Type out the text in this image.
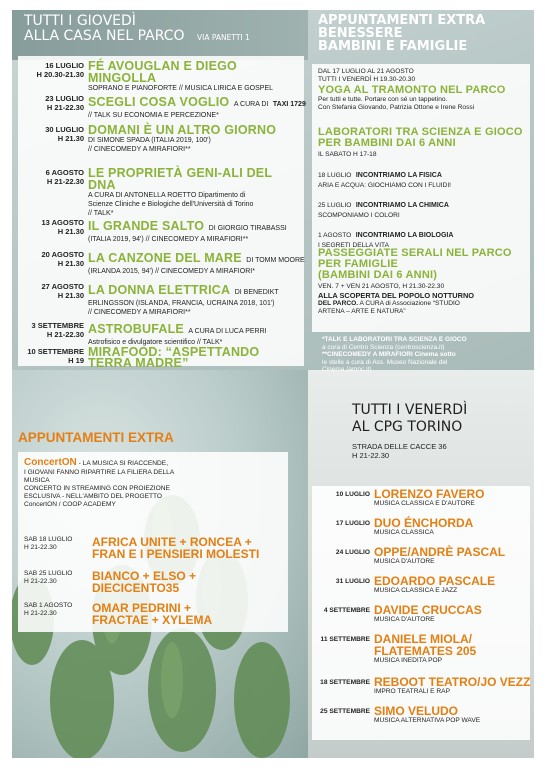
TUTTI I GIOVEDÌ
ALLA CASA NEL PARCO VIA PANETTI 1
16 LUGLIO
H 20.30-21.30
FÉ AVOUGLAN E DIEGO MINGOLLA
SOPRANO E PIANOFORTE // MUSICA LIRICA E GOSPEL
23 LUGLIO
H 21-22.30 SCEGLI COSA VOGLIO A CURA DI TAXI 1729
// TALK SU ECONOMIA E PERCEZIONE*
30 LUGLIO
H 21.30
DOMANI È UN ALTRO GIORNO
DI SIMONE SPADA (ITALIA 2019, 100')
// CINECOMEDY A MIRAFIORI**
6 AGOSTO
H 21-22.30
LE PROPRIETÀ GENI-ALI DEL DNA
A CURA DI ANTONELLA ROETTO Dipartimento di
Scienze Cliniche e Biologiche dell'Università di Torino
// TALK*
13 AGOSTO
H 21.30 IL GRANDE SALTO DI GIORGIO TIRABASSI
(ITALIA 2019, 94') // CINECOMEDY A MIRAFIORI**
20 AGOSTO
H 21.30 LA CANZONE DEL MARE DI TOMM MOORE
(IRLANDA 2015, 94') // CINECOMEDY A MIRAFIORI*
27 AGOSTO
H 21.30 LA DONNA ELETTRICA DI BENEDIKT
ERLINGSSON (ISLANDA, FRANCIA, UCRAINA 2018, 101')
// CINECOMEDY A MIRAFIORI**
3 SETTEMBRE
H 21-22.30 ASTROBUFALE A CURA DI LUCA PERRI
Astrofisico e divulgatore scientifico // TALK*
10 SETTEMBRE
H 19
MIRAFOOD: “ASPETTANDO
TERRA MADRE”
APPUNTAMENTI EXTRA
BENESSERE
BAMBINI E FAMIGLIE
DAL 17 LUGLIO AL 21 AGOSTO
TUTTI I VENERDÌ H 19.30-20.30
YOGA AL TRAMONTO NEL PARCO
Per tutti e tutte. Portare con sé un tappetino.
Con Stefania Giovando, Patrizia Ottone e Irene Rossi
LABORATORI TRA SCIENZA E GIOCO
PER BAMBINI DAI 6 ANNI
IL SABATO H 17-18
18 LUGLIO INCONTRIAMO LA FISICA
ARIA E ACQUA: GIOCHIAMO CON I FLUIDI!
25 LUGLIO INCONTRIAMO LA CHIMICA
SCOMPONIAMO I COLORI
1 AGOSTO INCONTRIAMO LA BIOLOGIA
I SEGRETI DELLA VITA
PASSEGGIATE SERALI NEL PARCO
PER FAMIGLIE
(BAMBINI DAI 6 ANNI)
VEN. 7 + VEN 21 AGOSTO, H 21.30-22.30
ALLA SCOPERTA DEL POPOLO NOTTURNO
DEL PARCO. A CURA di Associazione “STUDIO
ARTENA – ARTE E NATURA”
*TALK E LABORATORI TRA SCIENZA E GIOCO
a cura di Centro Scienza (centroscienza.it)
**CINECOMEDY A MIRAFIORI Cinema sotto
le stelle a cura di Ass. Museo Nazionale del
Cinema (amnc.it)
APPUNTAMENTI EXTRA
ConcertON - LA MUSICA SI RIACCENDE,
I GIOVANI FANNO RIPARTIRE LA FILIERA DELLA
MUSICA
CONCERTO IN STREAMING CON PROIEZIONE
ESCLUSIVA - NELL'AMBITO DEL PROGETTO
ConcertON / COOP ACADEMY
SAB 18 LUGLIO
H 21-22.30	AFRICA UNITE + RONCEA +
FRAN E I PENSIERI MOLESTI
SAB 25 LUGLIO
H 21-22.30	BIANCO + ELSO +
DIECICENTO35
SAB 1 AGOSTO
H 21-22.30	OMAR PEDRINI +
FRACTAE + XYLEMA
TUTTI I VENERDÌ
AL CPG TORINO
STRADA DELLE CACCE 36
H 21-22.30
10 LUGLIO LORENZO FAVERO
MUSICA CLASSICA E D'AUTORE
17 LUGLIO DUO ÉNCHORDA
MUSICA CLASSICA
24 LUGLIO OPPE/ANDRÈ PASCAL
MUSICA D'AUTORE
31 LUGLIO EDOARDO PASCALE
MUSICA CLASSICA E JAZZ
4 SETTEMBRE DAVIDE CRUCCAS
MUSICA D'AUTORE
11 SETTEMBRE DANIELE MIOLA/
FLATEMATES 205
MUSICA INEDITA POP
18 SETTEMBRE REBOOT TEATRO/JO VEZZ
IMPRO TEATRALI E RAP
25 SETTEMBRE SIMO VELUDO
MUSICA ALTERNATIVA POP WAVE
